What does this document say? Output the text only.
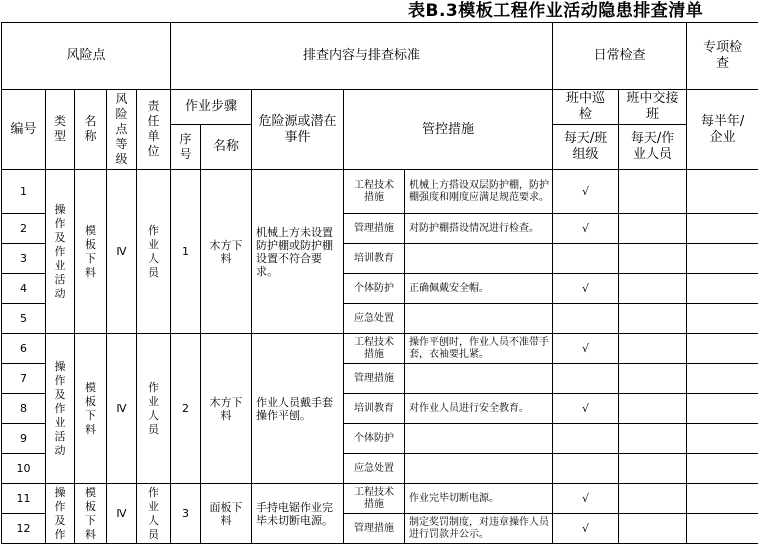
表B.3模板工程作业活动隐患排查清单
风险点					排查内容与排查标准					日常检查		专项检查
编号	类型	名称	风险点等级	责任单位	作业步骤		危险源或潜在事件	管控措施		班中巡检	班中交接班	每半年/企业
					序号	名称				每天/班组级	每天/作业人员	
1	操作及作业活动	模板下料	Ⅳ	作业人员	1	木方下料	机械上方未设置防护棚或防护棚设置不符合要求。	工程技术措施	机械上方搭设双层防护棚，防护棚强度和刚度应满足规范要求。	√		
2								管理措施	对防护棚搭设情况进行检查。	√		
3								培训教育				
4								个体防护	正确佩戴安全帽。	√		
5								应急处置				
6	操作及作业活动	模板下料	Ⅳ	作业人员	2	木方下料	作业人员戴手套操作平刨。	工程技术措施	操作平刨时，作业人员不准带手套，衣袖要扎紧。	√		
7								管理措施				
8								培训教育	对作业人员进行安全教育。	√		
9								个体防护				
10								应急处置				
11	操作及作	模板下料	Ⅳ	作业人员	3	面板下料	手持电锯作业完毕未切断电源。	工程技术措施	作业完毕切断电源。	√		
12								管理措施	制定奖罚制度，对违章操作人员进行罚款并公示。	√		
